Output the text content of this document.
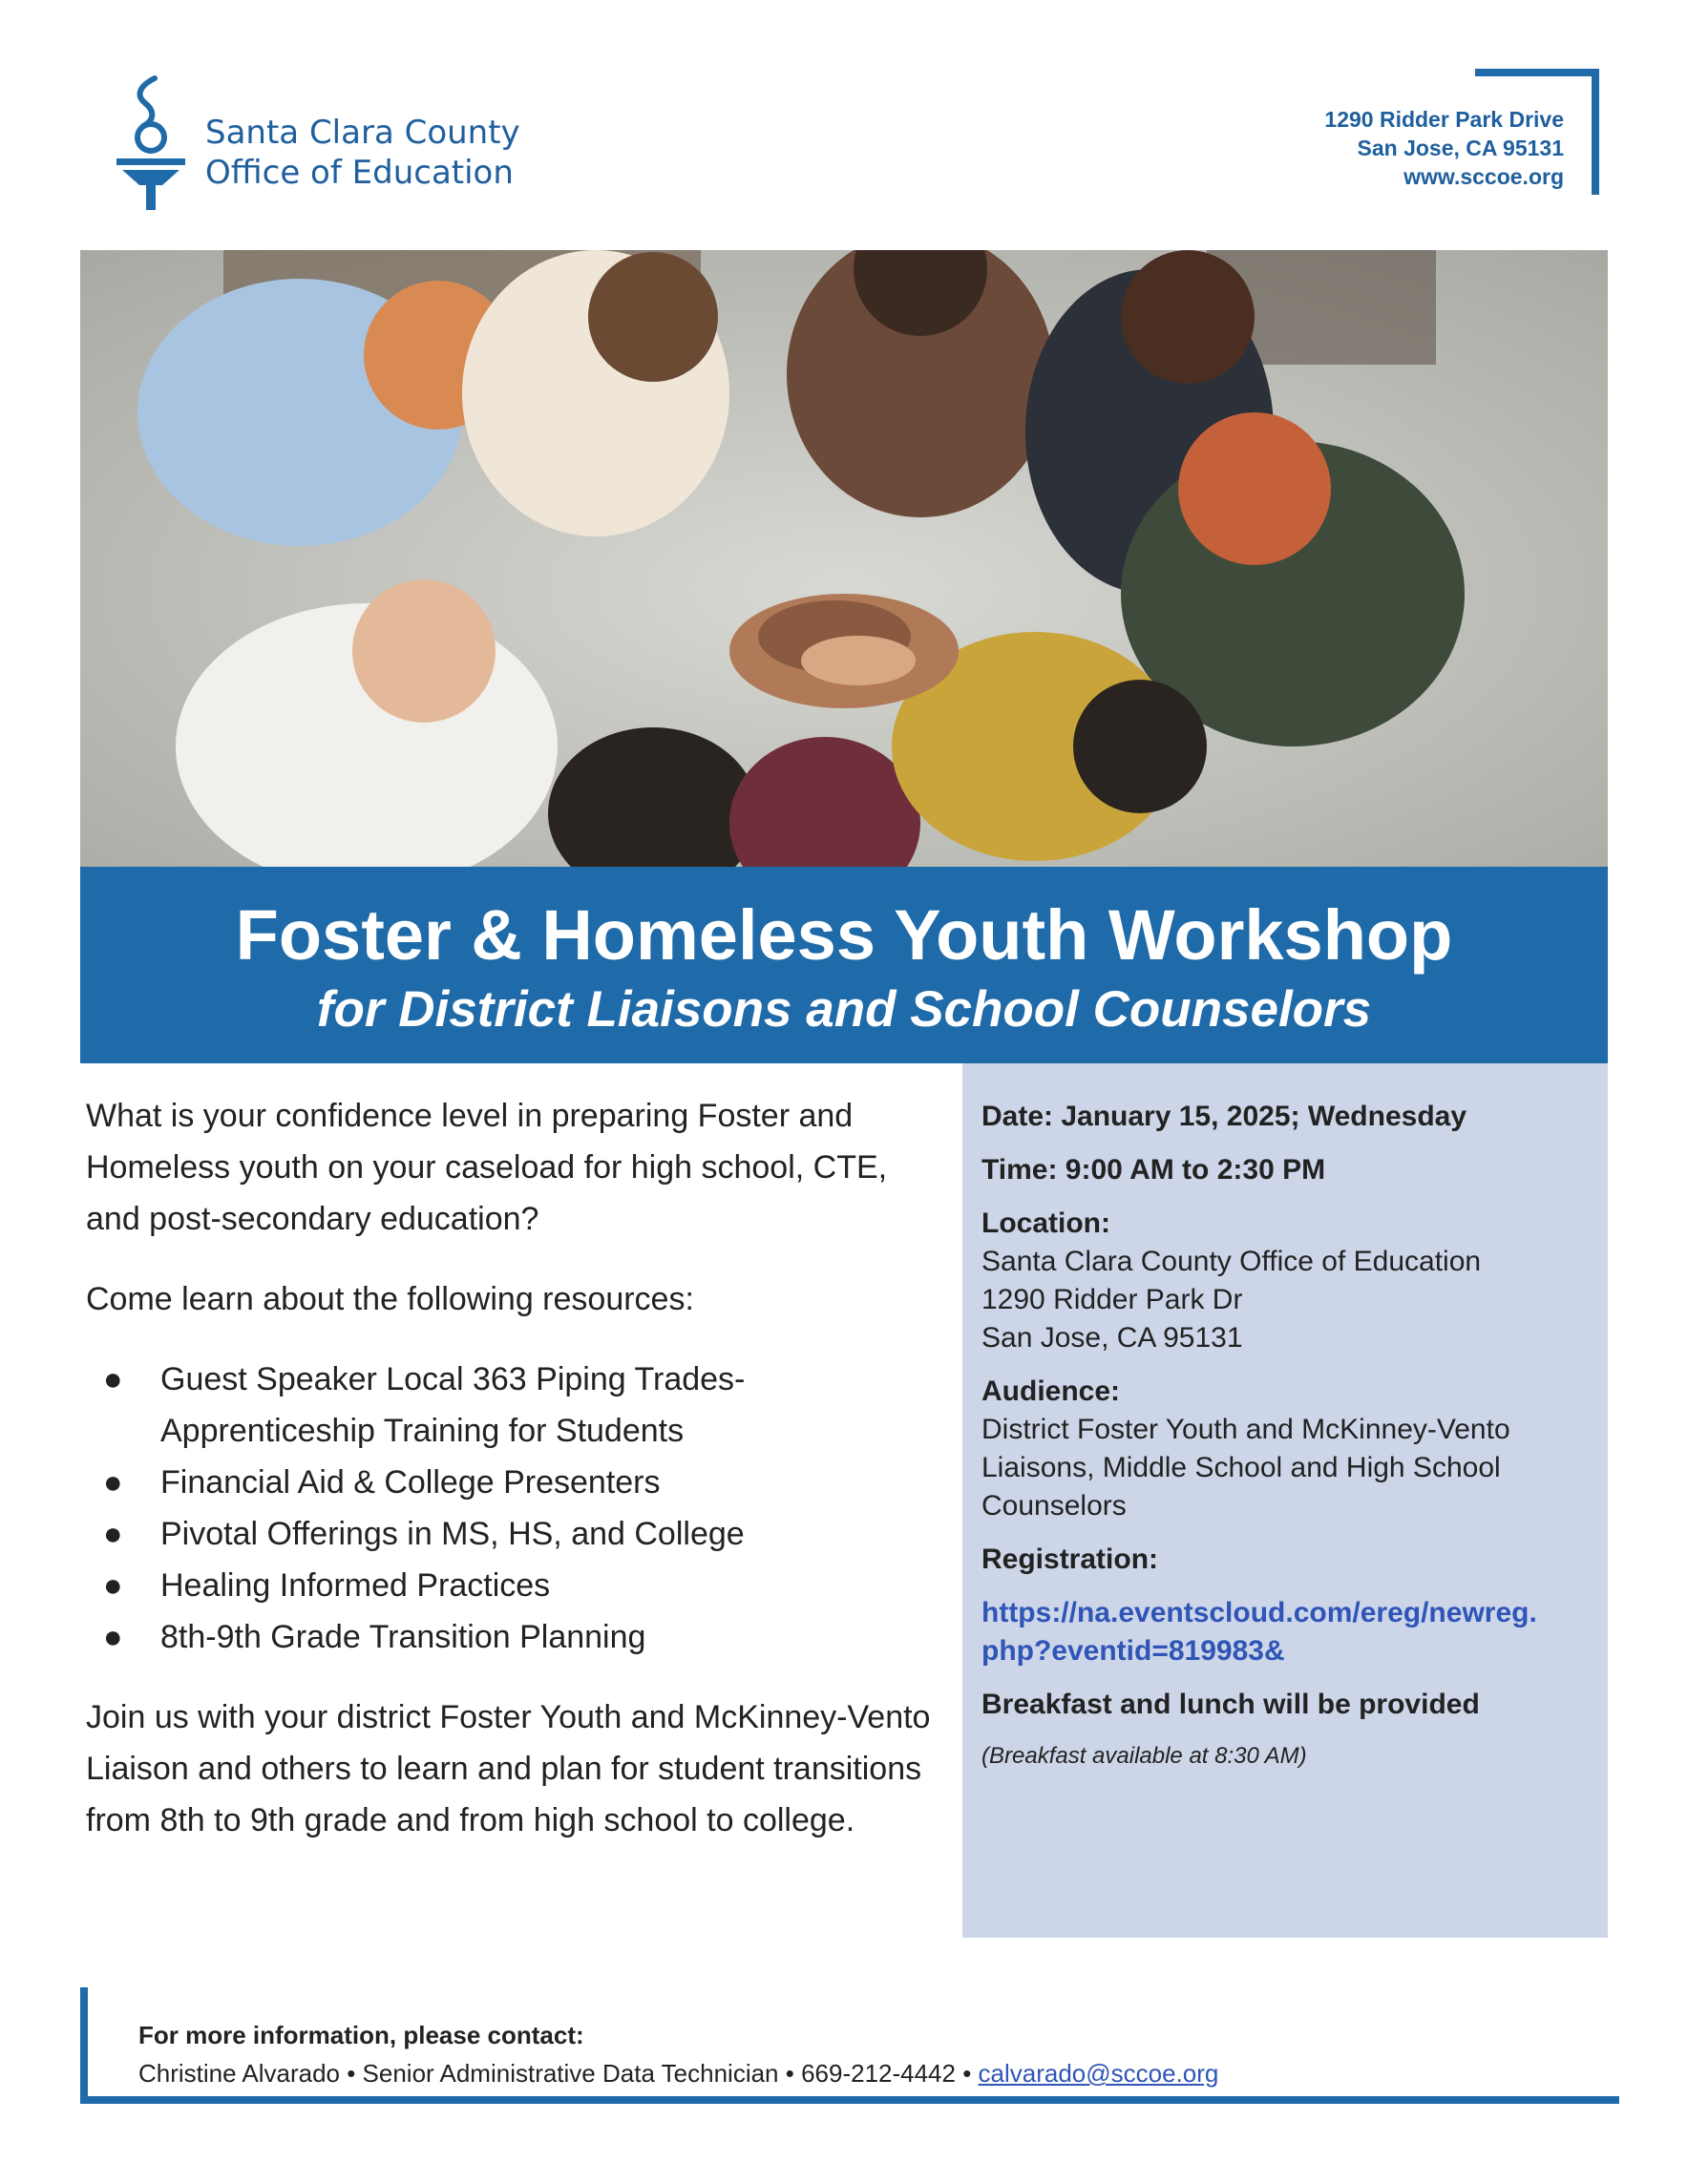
Santa Clara County
Office of Education
1290 Ridder Park Drive
San Jose, CA 95131
www.sccoe.org
Foster & Homeless Youth Workshop
for District Liaisons and School Counselors

What is your confidence level in preparing Foster and Homeless youth on your caseload for high school, CTE, and post-secondary education?

Come learn about the following resources:

● Guest Speaker Local 363 Piping Trades-Apprenticeship Training for Students
● Financial Aid & College Presenters
● Pivotal Offerings in MS, HS, and College
● Healing Informed Practices
● 8th-9th Grade Transition Planning

Join us with your district Foster Youth and McKinney-Vento Liaison and others to learn and plan for student transitions from 8th to 9th grade and from high school to college.

Date: January 15, 2025; Wednesday
Time: 9:00 AM to 2:30 PM
Location:
Santa Clara County Office of Education
1290 Ridder Park Dr
San Jose, CA 95131
Audience:
District Foster Youth and McKinney-Vento Liaisons, Middle School and High School Counselors
Registration:
https://na.eventscloud.com/ereg/newreg.
php?eventid=819983&
Breakfast and lunch will be provided
(Breakfast available at 8:30 AM)
For more information, please contact:
Christine Alvarado • Senior Administrative Data Technician • 669-212-4442 • calvarado@sccoe.org
